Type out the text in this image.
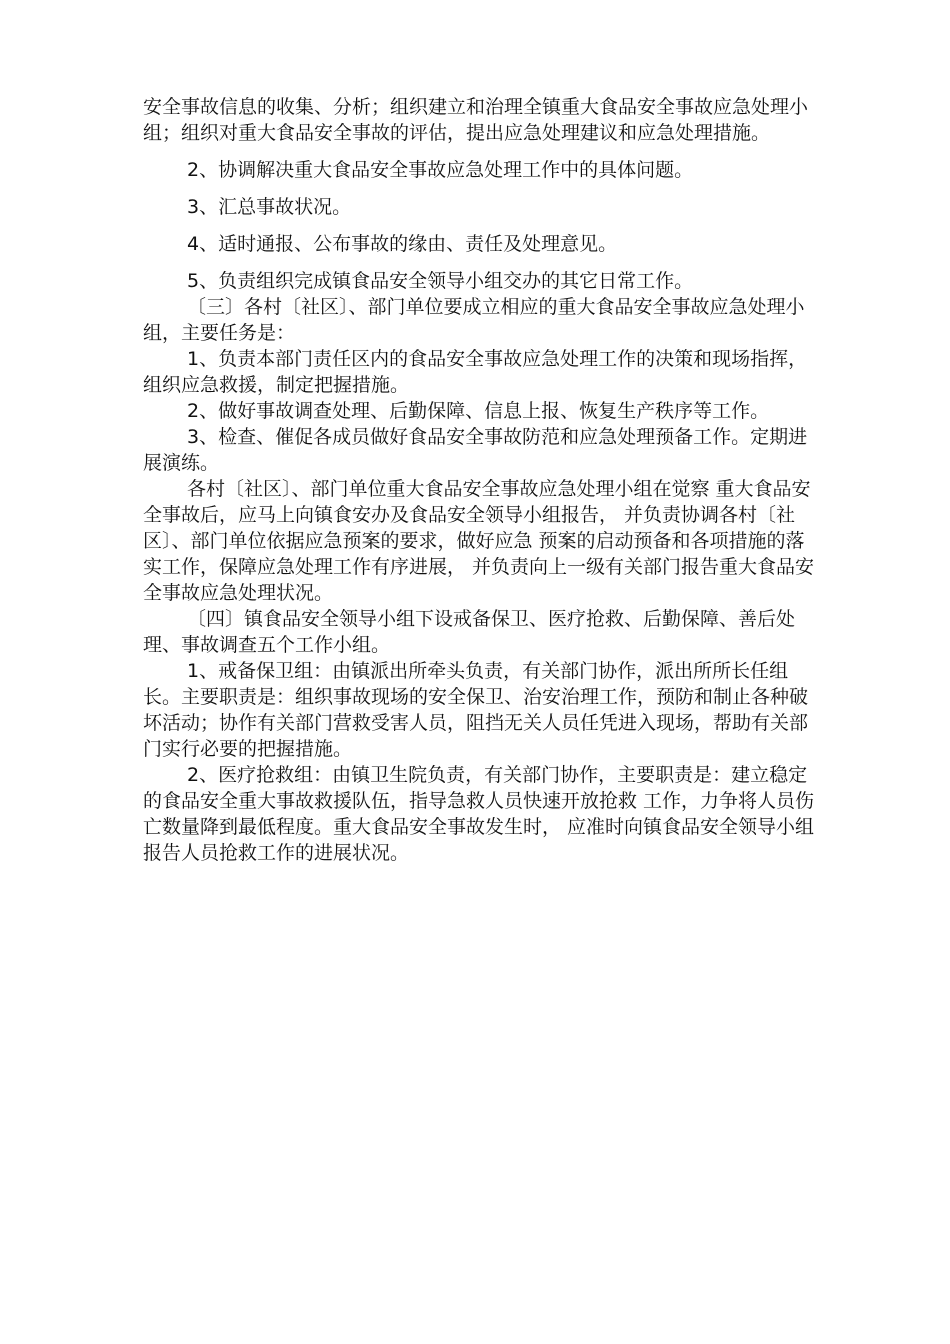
安全事故信息的收集、分析；组织建立和治理全镇重大食品安全事故应急处理小组；组织对重大食品安全事故的评估，提出应急处理建议和应急处理措施。

2、协调解决重大食品安全事故应急处理工作中的具体问题。

3、汇总事故状况。

4、适时通报、公布事故的缘由、责任及处理意见。

5、负责组织完成镇食品安全领导小组交办的其它日常工作。

〔三〕各村〔社区〕、部门单位要成立相应的重大食品安全事故应急处理小组，主要任务是：

1、负责本部门责任区内的食品安全事故应急处理工作的决策和现场指挥，组织应急救援，制定把握措施。

2、做好事故调查处理、后勤保障、信息上报、恢复生产秩序等工作。

3、检查、催促各成员做好食品安全事故防范和应急处理预备工作。定期进展演练。

各村〔社区〕、部门单位重大食品安全事故应急处理小组在觉察 重大食品安全事故后，应马上向镇食安办及食品安全领导小组报告， 并负责协调各村〔社区〕、部门单位依据应急预案的要求，做好应急 预案的启动预备和各项措施的落实工作，保障应急处理工作有序进展， 并负责向上一级有关部门报告重大食品安全事故应急处理状况。

〔四〕镇食品安全领导小组下设戒备保卫、医疗抢救、后勤保障、善后处理、事故调查五个工作小组。

1、戒备保卫组：由镇派出所牵头负责，有关部门协作，派出所所长任组长。主要职责是：组织事故现场的安全保卫、治安治理工作，预防和制止各种破坏活动；协作有关部门营救受害人员，阻挡无关人员任凭进入现场，帮助有关部门实行必要的把握措施。

2、医疗抢救组：由镇卫生院负责，有关部门协作，主要职责是：建立稳定的食品安全重大事故救援队伍，指导急救人员快速开放抢救 工作，力争将人员伤亡数量降到最低程度。重大食品安全事故发生时， 应准时向镇食品安全领导小组报告人员抢救工作的进展状况。
